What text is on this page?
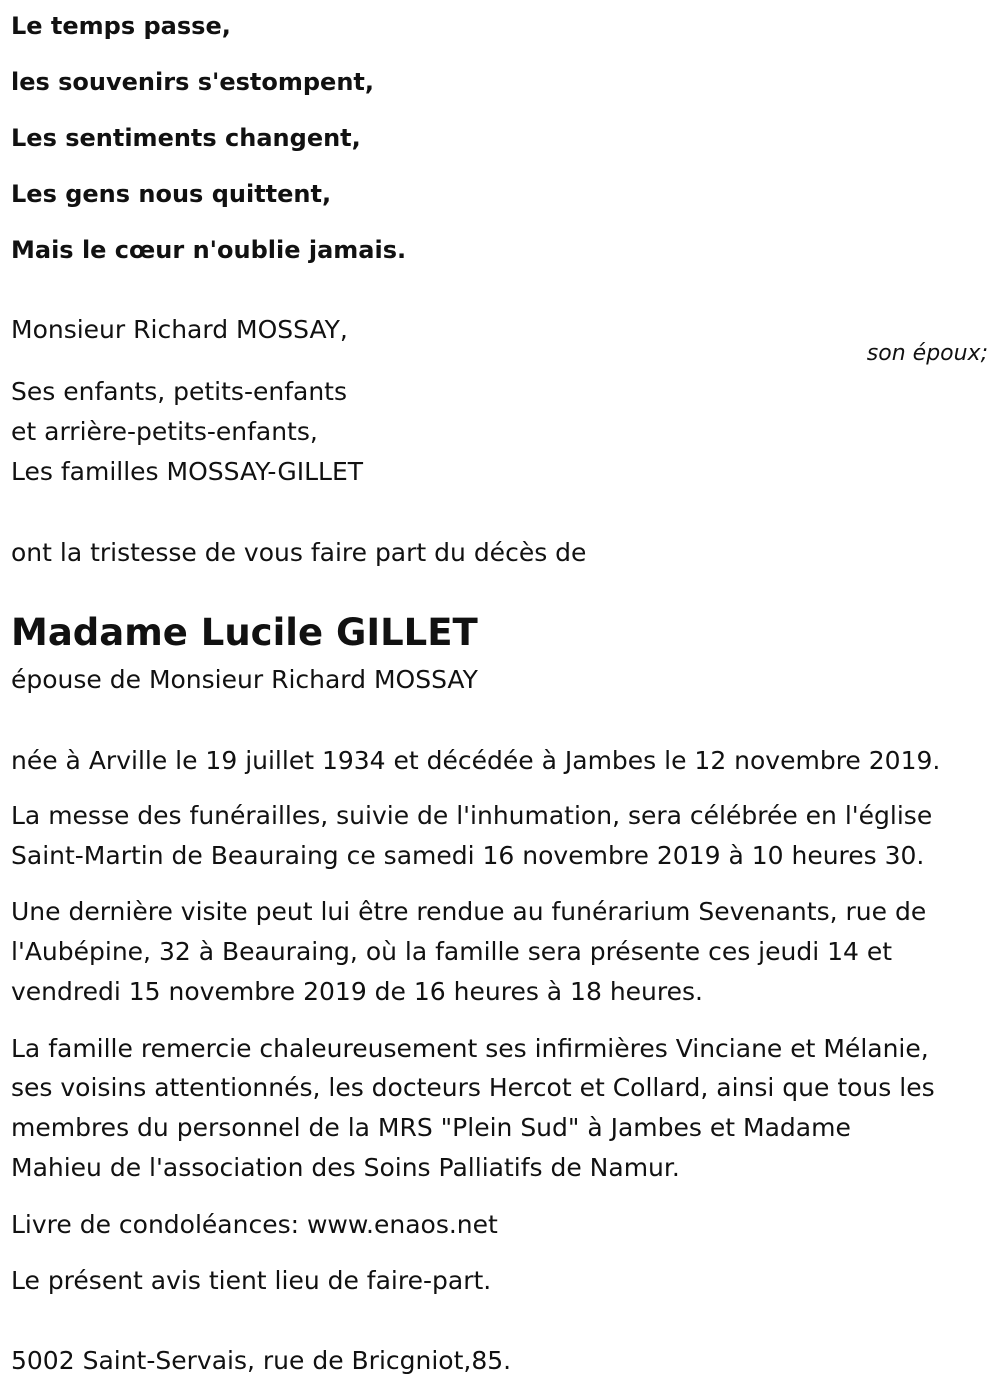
Le temps passe,
les souvenirs s'estompent,
Les sentiments changent,
Les gens nous quittent,
Mais le cœur n'oublie jamais.
Monsieur Richard MOSSAY,
son époux;
Ses enfants, petits-enfants
et arrière-petits-enfants,
Les familles MOSSAY-GILLET
ont la tristesse de vous faire part du décès de
Madame Lucile GILLET
épouse de Monsieur Richard MOSSAY
née à Arville le 19 juillet 1934 et décédée à Jambes le 12 novembre 2019.
La messe des funérailles, suivie de l'inhumation, sera célébrée en l'église
Saint-Martin de Beauraing ce samedi 16 novembre 2019 à 10 heures 30.
Une dernière visite peut lui être rendue au funérarium Sevenants, rue de
l'Aubépine, 32 à Beauraing, où la famille sera présente ces jeudi 14 et
vendredi 15 novembre 2019 de 16 heures à 18 heures.
La famille remercie chaleureusement ses infirmières Vinciane et Mélanie,
ses voisins attentionnés, les docteurs Hercot et Collard, ainsi que tous les
membres du personnel de la MRS "Plein Sud" à Jambes et Madame
Mahieu de l'association des Soins Palliatifs de Namur.
Livre de condoléances: www.enaos.net
Le présent avis tient lieu de faire-part.
5002 Saint-Servais, rue de Bricgniot,85.
